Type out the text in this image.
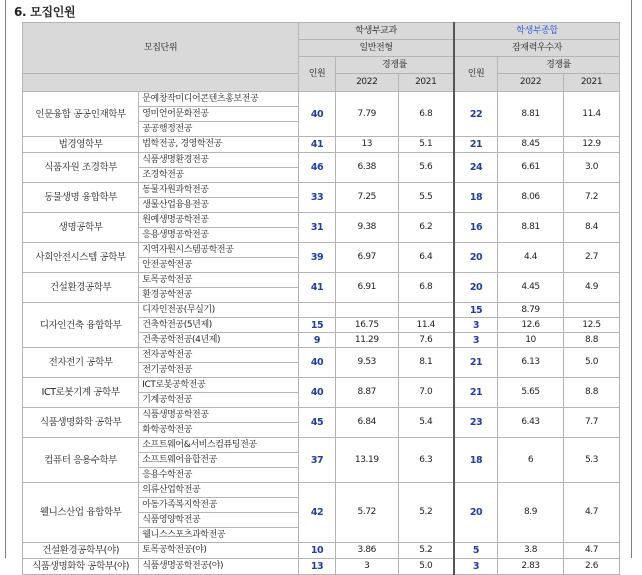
6. 모집인원
모집단위		학생부교과			학생부종합		
		일반전형			잠재력우수자		
		인원	경쟁률		인원	경쟁률	
			2022	2021		2022	2021
인문융합 공공인재학부	문예창작미디어콘텐츠홍보전공	40	7.79	6.8	22	8.81	11.4
	영미언어문화전공						
	공공행정전공						
법경영학부	법학전공, 경영학전공	41	13	5.1	21	8.45	12.9
식품자원 조경학부	식품생명환경전공	46	6.38	5.6	24	6.61	3.0
	조경학전공						
동물생명 융합학부	동물자원과학전공	33	7.25	5.5	18	8.06	7.2
	생물산업융용전공						
생명공학부	원예생명공학전공	31	9.38	6.2	16	8.81	8.4
	응용생명공학전공						
사회안전시스템 공학부	지역자원시스템공학전공	39	6.97	6.4	20	4.4	2.7
	안전공학전공						
건설환경공학부	토목공학전공	41	6.91	6.8	20	4.45	4.9
	환경공학전공						
디자인건축 융합학부	디자인전공(무실기)				15	8.79	
	건축학전공(5년제)	15	16.75	11.4	3	12.6	12.5
	건축공학전공(4년제)	9	11.29	7.6	3	10	8.8
전자전기 공학부	전자공학전공	40	9.53	8.1	21	6.13	5.0
	전기공학전공						
ICT로봇기계 공학부	ICT로봇공학전공	40	8.87	7.0	21	5.65	8.8
	기계공학전공						
식품생명화학 공학부	식품생명공학전공	45	6.84	5.4	23	6.43	7.7
	화학공학전공						
컴퓨터 응용수학부	소프트웨어&서비스컴퓨팅전공	37	13.19	6.3	18	6	5.3
	소프트웨어융합전공						
	응용수학전공						
웰니스산업 융합학부	의류산업학전공	42	5.72	5.2	20	8.9	4.7
	아동가족복지학전공						
	식품영양학전공						
	웰니스스포츠과학전공						
건설환경공학부(야)	토목공학전공(야)	10	3.86	5.2	5	3.8	4.7
식품생명화학 공학부(야)	식품생명공학전공(야)	13	3	5.0	3	2.83	2.6
